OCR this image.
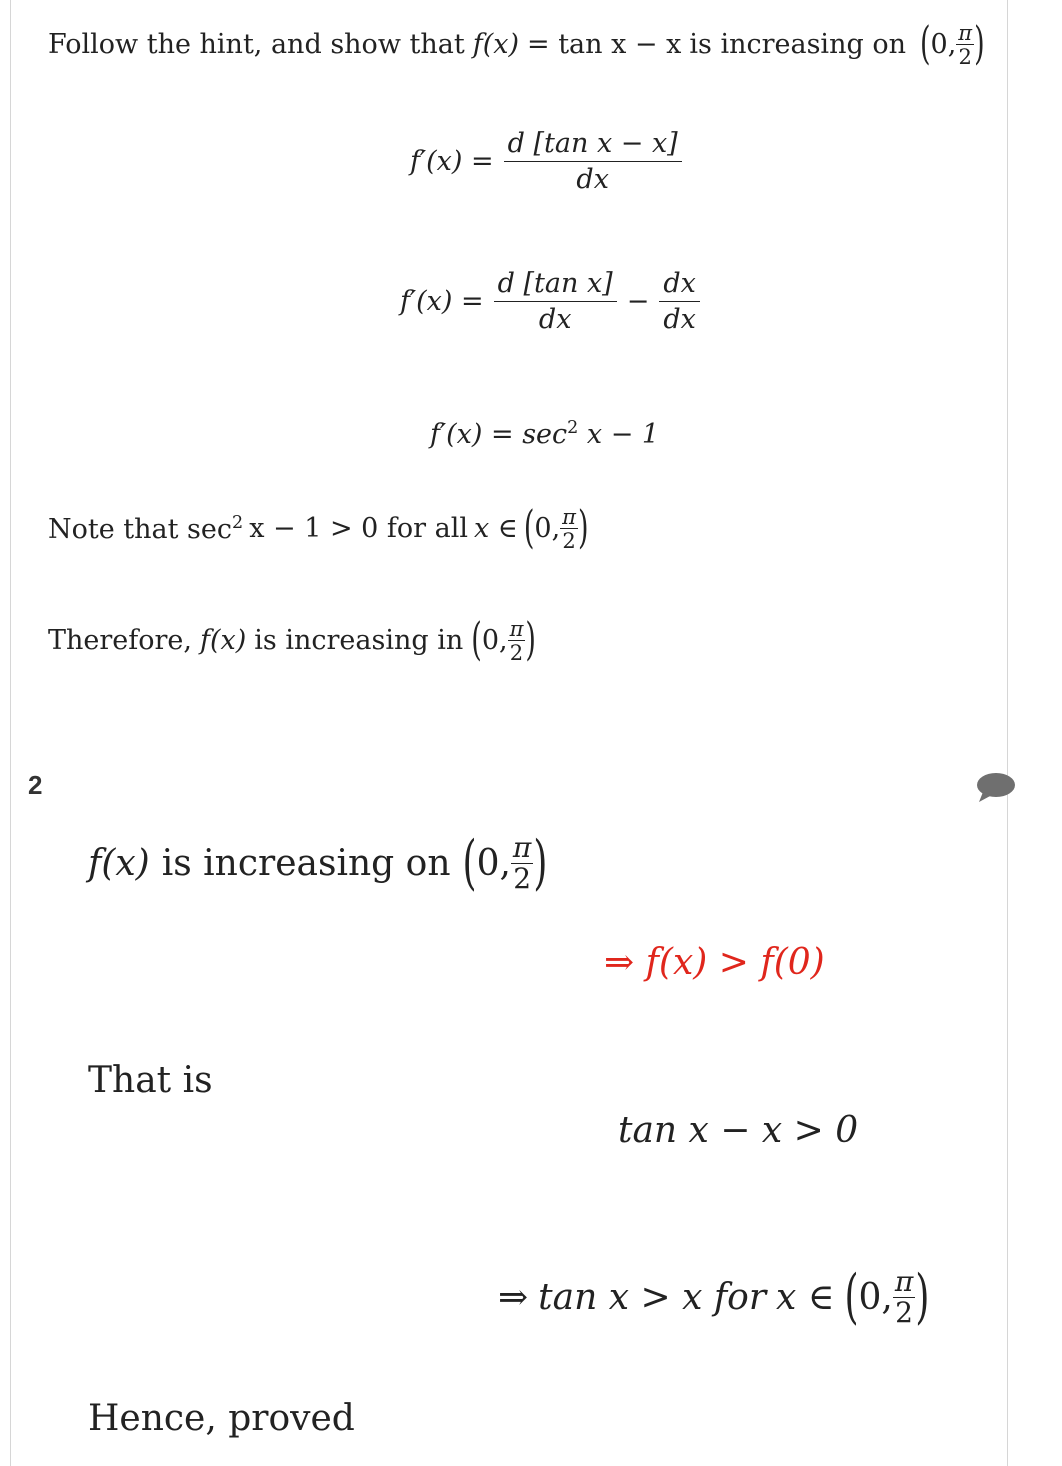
Follow the hint, and show that f(x) = tan x − x is increasing on ( 0, $\frac{\pi}{2}$ )
$f'(x) = \frac{\text{d [tan x − x]}}{dx}$
$f'(x) = \frac{\text{d [tan x]}}{dx} - \frac{dx}{dx}$
$f'(x) = \sec^2 x - 1$
Note that $\sec^2 x - 1 > 0$ for all x ∈ ( 0, $\frac{\pi}{2}$ )
Therefore, f(x) is increasing in ( 0, $\frac{\pi}{2}$ )
2
f(x) is increasing on ( 0, $\frac{\pi}{2}$ )
⇒ f(x) > f(0)
That is
tan x − x > 0
⇒ tan x > x for x ∈ ( 0, $\frac{\pi}{2}$ )
Hence, proved
